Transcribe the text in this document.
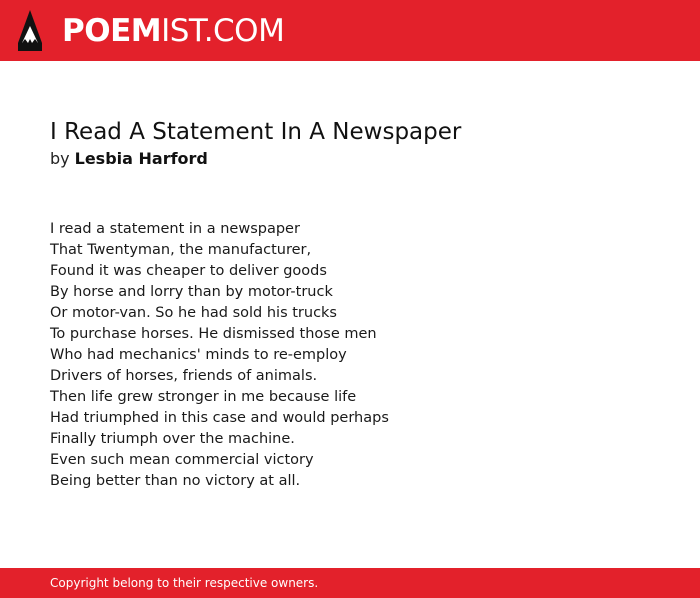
POEMIST.COM
I Read A Statement In A Newspaper
by Lesbia Harford
I read a statement in a newspaper
That Twentyman, the manufacturer,
Found it was cheaper to deliver goods
By horse and lorry than by motor-truck
Or motor-van. So he had sold his trucks
To purchase horses. He dismissed those men
Who had mechanics' minds to re-employ
Drivers of horses, friends of animals.
Then life grew stronger in me because life
Had triumphed in this case and would perhaps
Finally triumph over the machine.
Even such mean commercial victory
Being better than no victory at all.
Copyright belong to their respective owners.
